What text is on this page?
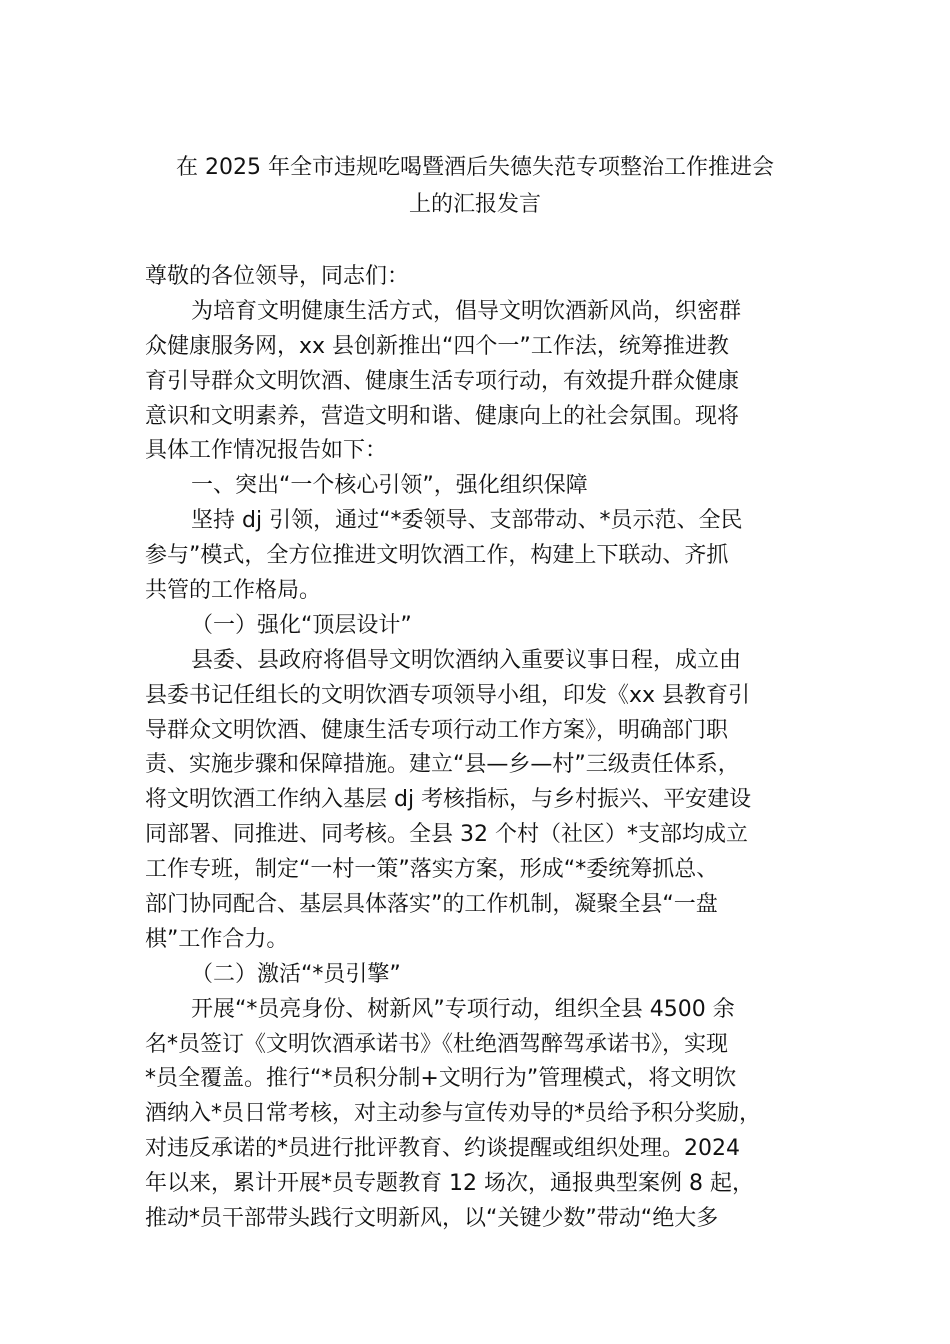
在 2025 年全市违规吃喝暨酒后失德失范专项整治工作推进会
上的汇报发言
尊敬的各位领导，同志们：
为培育文明健康生活方式，倡导文明饮酒新风尚，织密群
众健康服务网，xx 县创新推出“四个一”工作法，统筹推进教
育引导群众文明饮酒、健康生活专项行动，有效提升群众健康
意识和文明素养，营造文明和谐、健康向上的社会氛围。现将
具体工作情况报告如下：
一、突出“一个核心引领”，强化组织保障
坚持 dj 引领，通过“*委领导、支部带动、*员示范、全民
参与”模式，全方位推进文明饮酒工作，构建上下联动、齐抓
共管的工作格局。
（一）强化“顶层设计”
县委、县政府将倡导文明饮酒纳入重要议事日程，成立由
县委书记任组长的文明饮酒专项领导小组，印发《xx 县教育引
导群众文明饮酒、健康生活专项行动工作方案》，明确部门职
责、实施步骤和保障措施。建立“县—乡—村”三级责任体系，
将文明饮酒工作纳入基层 dj 考核指标，与乡村振兴、平安建设
同部署、同推进、同考核。全县 32 个村（社区）*支部均成立
工作专班，制定“一村一策”落实方案，形成“*委统筹抓总、
部门协同配合、基层具体落实”的工作机制，凝聚全县“一盘
棋”工作合力。
（二）激活“*员引擎”
开展“*员亮身份、树新风”专项行动，组织全县 4500 余
名*员签订《文明饮酒承诺书》《杜绝酒驾醉驾承诺书》，实现
*员全覆盖。推行“*员积分制+文明行为”管理模式，将文明饮
酒纳入*员日常考核，对主动参与宣传劝导的*员给予积分奖励，
对违反承诺的*员进行批评教育、约谈提醒或组织处理。2024
年以来，累计开展*员专题教育 12 场次，通报典型案例 8 起，
推动*员干部带头践行文明新风，以“关键少数”带动“绝大多
